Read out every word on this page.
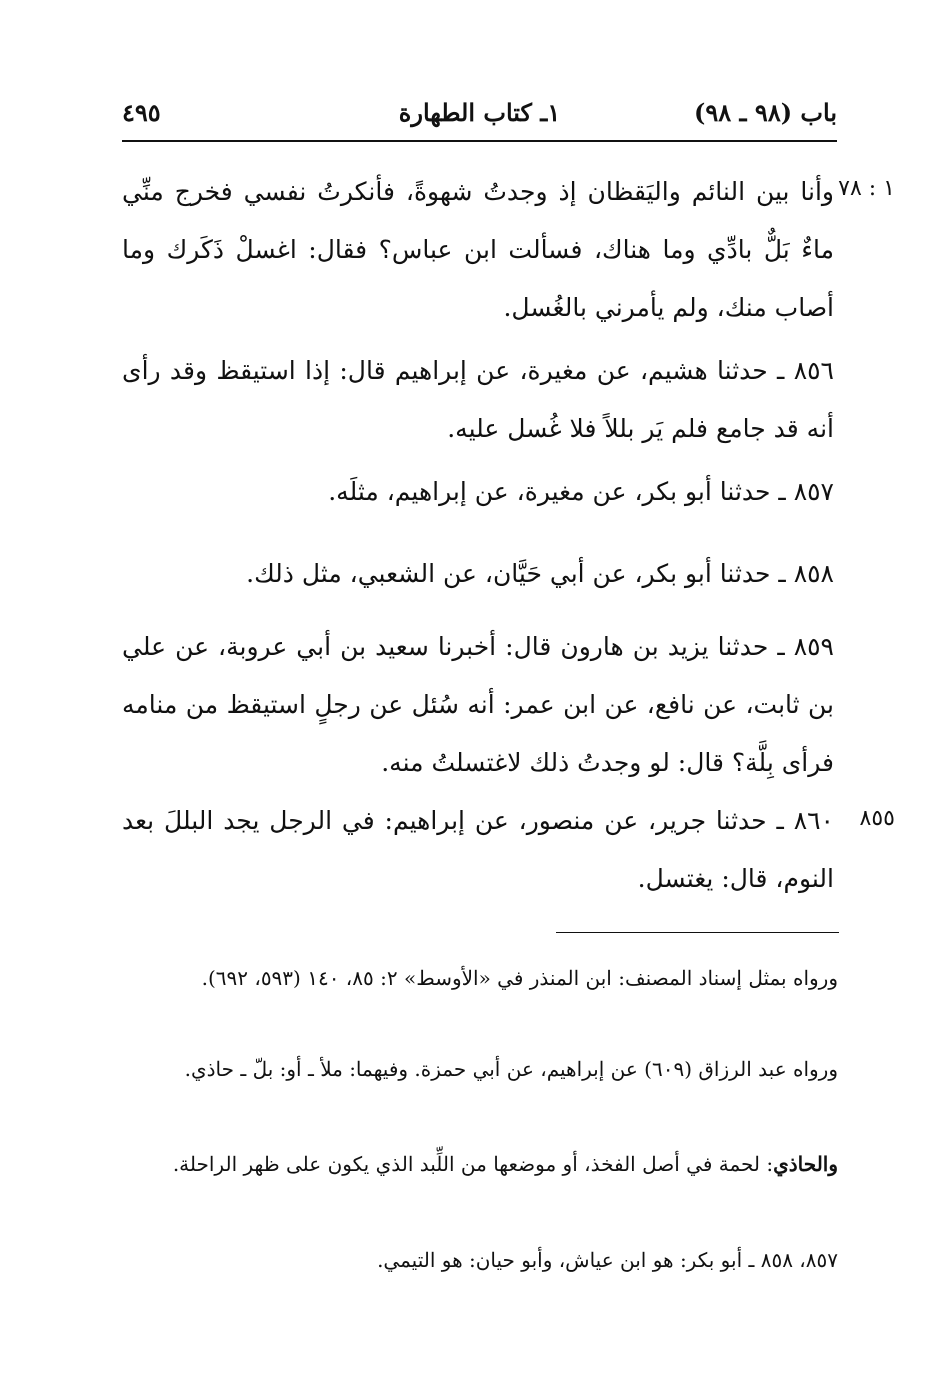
باب (٩٨ ـ ٩٨)
١ـ كتاب الطهارة
٤٩٥
١ : ٧٨
٨٥٥
وأنا بين النائم واليَقظان إذ وجدتُ شهوةً، فأنكرتُ نفسي فخرج منِّي ماءٌ بَلٌّ بادِّي وما هناك، فسألت ابن عباس؟ فقال: اغسلْ ذَكَرك وما أصاب منك، ولم يأمرني بالغُسل.
٨٥٦ ـ حدثنا هشيم، عن مغيرة، عن إبراهيم قال: إذا استيقظ وقد رأى أنه قد جامع فلم يَر بللاً فلا غُسل عليه.
٨٥٧ ـ حدثنا أبو بكر، عن مغيرة، عن إبراهيم، مثلَه.
٨٥٨ ـ حدثنا أبو بكر، عن أبي حَيَّان، عن الشعبي، مثل ذلك.
٨٥٩ ـ حدثنا يزيد بن هارون قال: أخبرنا سعيد بن أبي عروبة، عن علي بن ثابت، عن نافع، عن ابن عمر: أنه سُئل عن رجلٍ استيقظ من منامه فرأى بِلَّة؟ قال: لو وجدتُ ذلك لاغتسلتُ منه.
٨٦٠ ـ حدثنا جرير، عن منصور، عن إبراهيم: في الرجل يجد البللَ بعد النوم، قال: يغتسل.
ورواه بمثل إسناد المصنف: ابن المنذر في «الأوسط» ٢: ٨٥، ١٤٠ (٥٩٣، ٦٩٢).
ورواه عبد الرزاق (٦٠٩) عن إبراهيم، عن أبي حمزة. وفيهما: ملأ ـ أو: بلّ ـ حاذي.
والحاذي: لحمة في أصل الفخذ، أو موضعها من اللِّبد الذي يكون على ظهر الراحلة.
٨٥٧، ٨٥٨ ـ أبو بكر: هو ابن عياش، وأبو حيان: هو التيمي.
